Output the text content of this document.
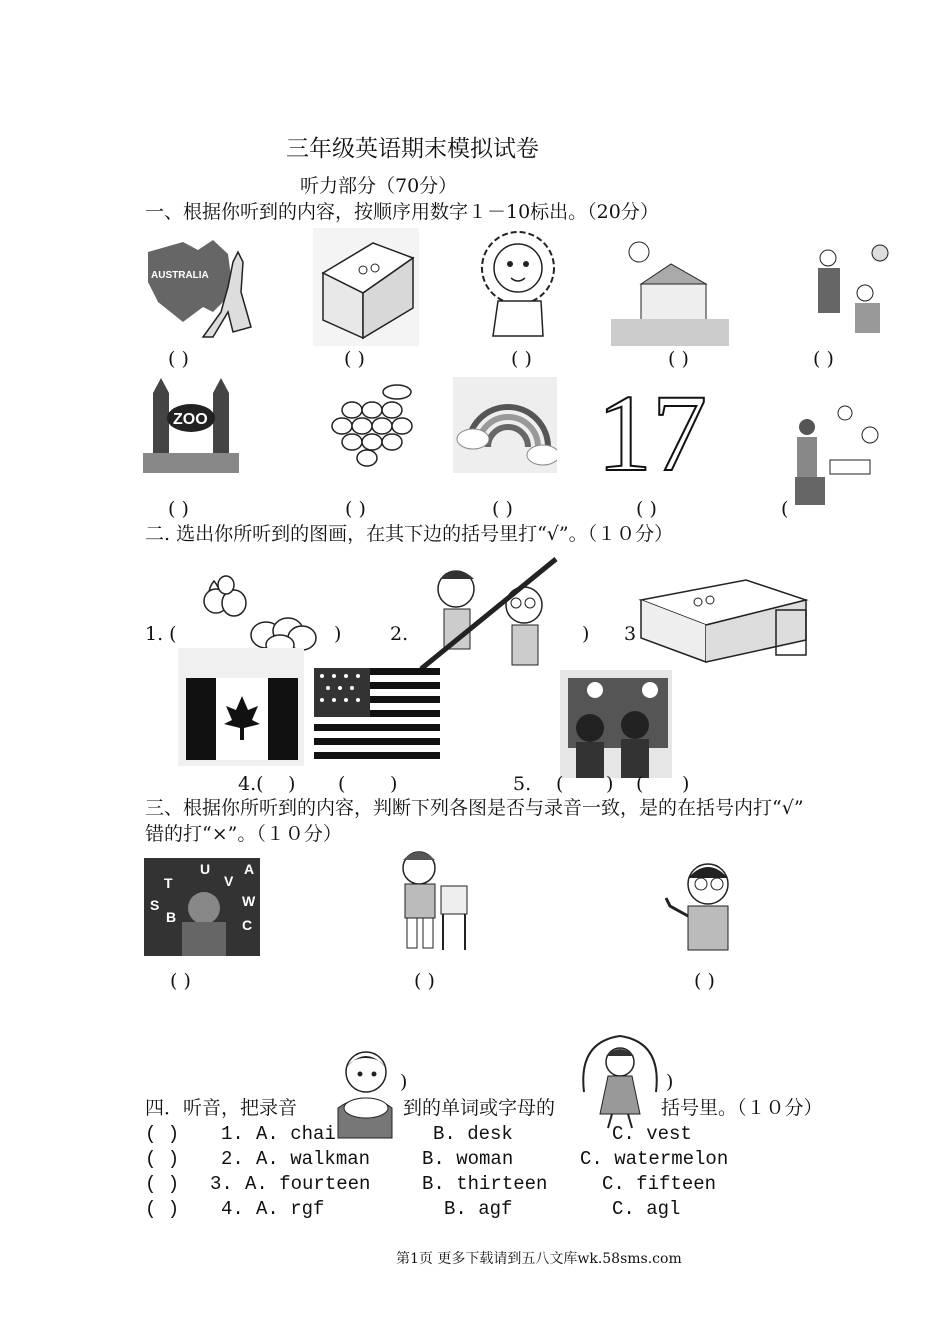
三年级英语期末模拟试卷
听力部分（70分）
一、根据你听到的内容，按顺序用数字１－10标出。（20分）
AUSTRALIA
( )	( )	( )	( )	( )
ZOO	17
( )	( )	( )	( )	(
二. 选出你所听到的图画，在其下边的括号里打“√”。（１０分）
1. (	)	2.	) 3
4.( ) ( )	5. ( ) ( )
三、根据你所听到的内容，判断下列各图是否与录音一致，是的在括号内打“√”
错的打“×”。（１０分）
U
V
A
T
W
S
B	C
( )	( )	( )
)	)
四．听音，把录音	到的单词或字母的	括号里。（１０分）
( ) 1. A. chai	B. desk	C. vest
( ) 2. A. walkman	B. woman	C. watermelon
( ) 3. A. fourteen	B. thirteen	C. fifteen
( ) 4. A. rgf	B. agf	C. agl
第1页 更多下载请到五八文库wk.58sms.com
